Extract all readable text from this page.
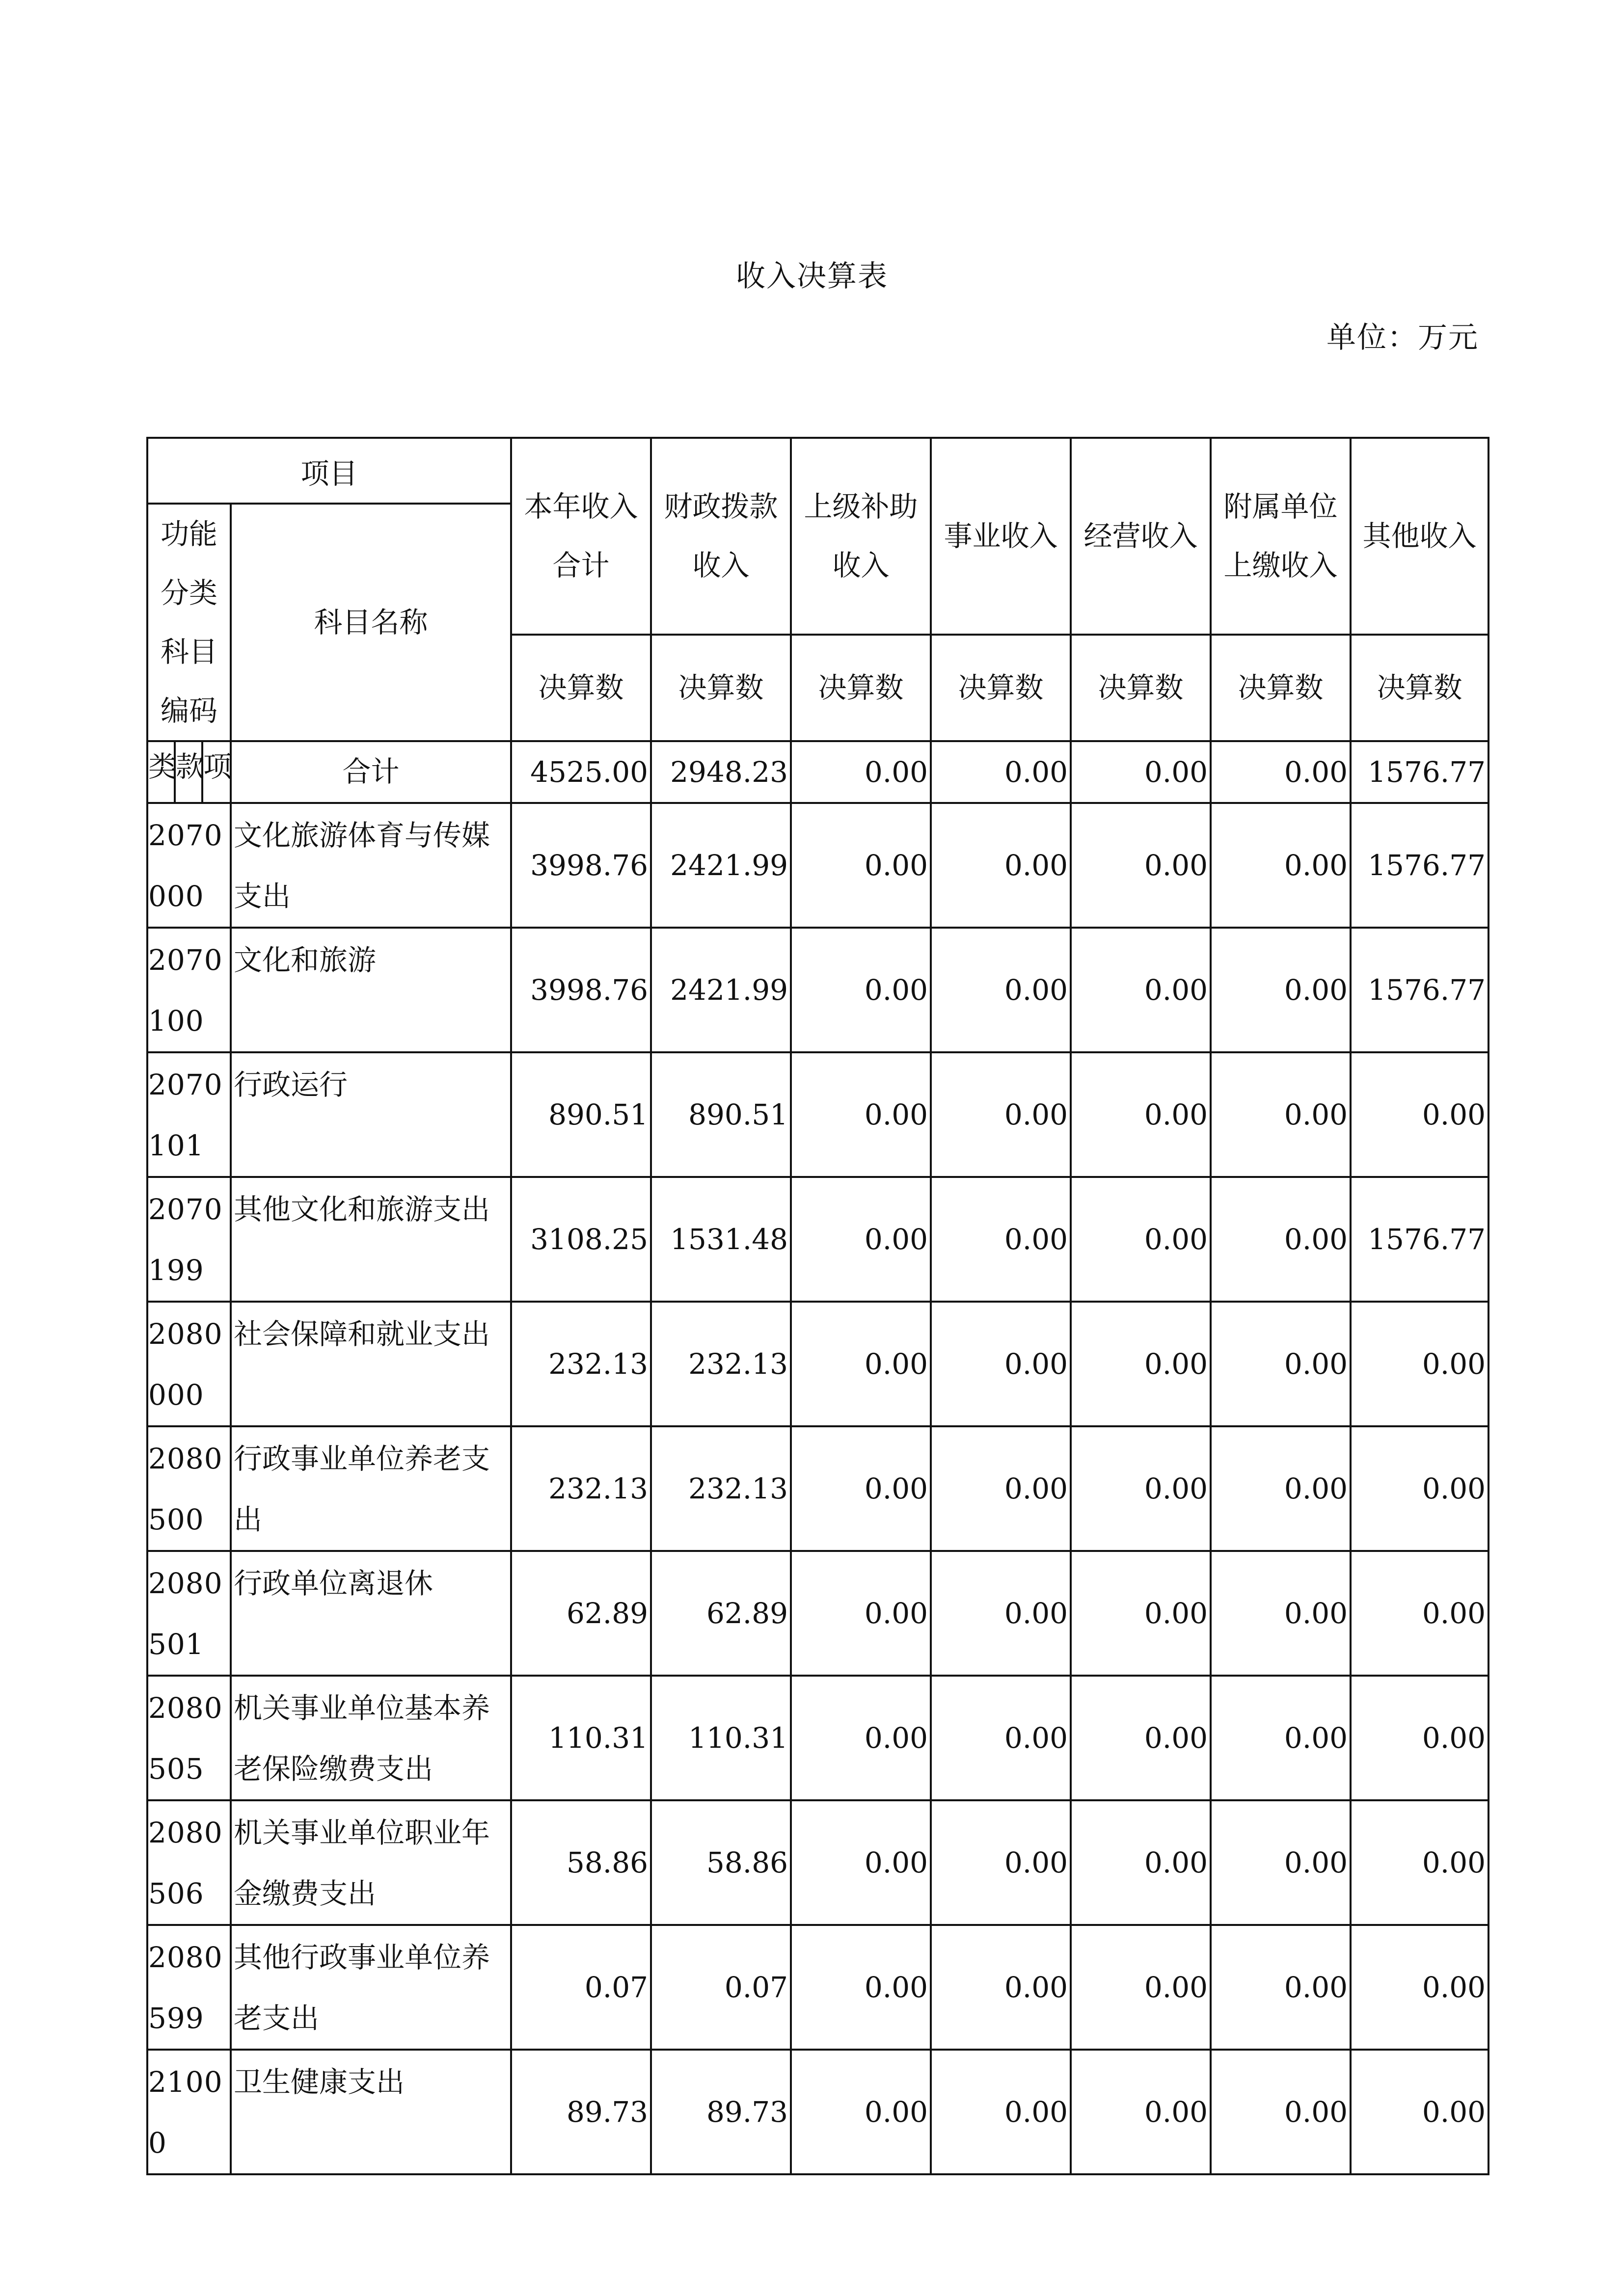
收入决算表
单位：万元
项目				本年收入合计	财政拨款收入	上级补助收入	事业收入	经营收入	附属单位上缴收入	其他收入
功能分类科目编码			科目名称							
				决算数	决算数	决算数	决算数	决算数	决算数	决算数
类	款	项	合计	4525.00	2948.23	0.00	0.00	0.00	0.00	1576.77
2070000			文化旅游体育与传媒支出	3998.76	2421.99	0.00	0.00	0.00	0.00	1576.77
2070100			文化和旅游	3998.76	2421.99	0.00	0.00	0.00	0.00	1576.77
2070101			行政运行	890.51	890.51	0.00	0.00	0.00	0.00	0.00
2070199			其他文化和旅游支出	3108.25	1531.48	0.00	0.00	0.00	0.00	1576.77
2080000			社会保障和就业支出	232.13	232.13	0.00	0.00	0.00	0.00	0.00
2080500			行政事业单位养老支出	232.13	232.13	0.00	0.00	0.00	0.00	0.00
2080501			行政单位离退休	62.89	62.89	0.00	0.00	0.00	0.00	0.00
2080505			机关事业单位基本养老保险缴费支出	110.31	110.31	0.00	0.00	0.00	0.00	0.00
2080506			机关事业单位职业年金缴费支出	58.86	58.86	0.00	0.00	0.00	0.00	0.00
2080599			其他行政事业单位养老支出	0.07	0.07	0.00	0.00	0.00	0.00	0.00
21000			卫生健康支出	89.73	89.73	0.00	0.00	0.00	0.00	0.00
